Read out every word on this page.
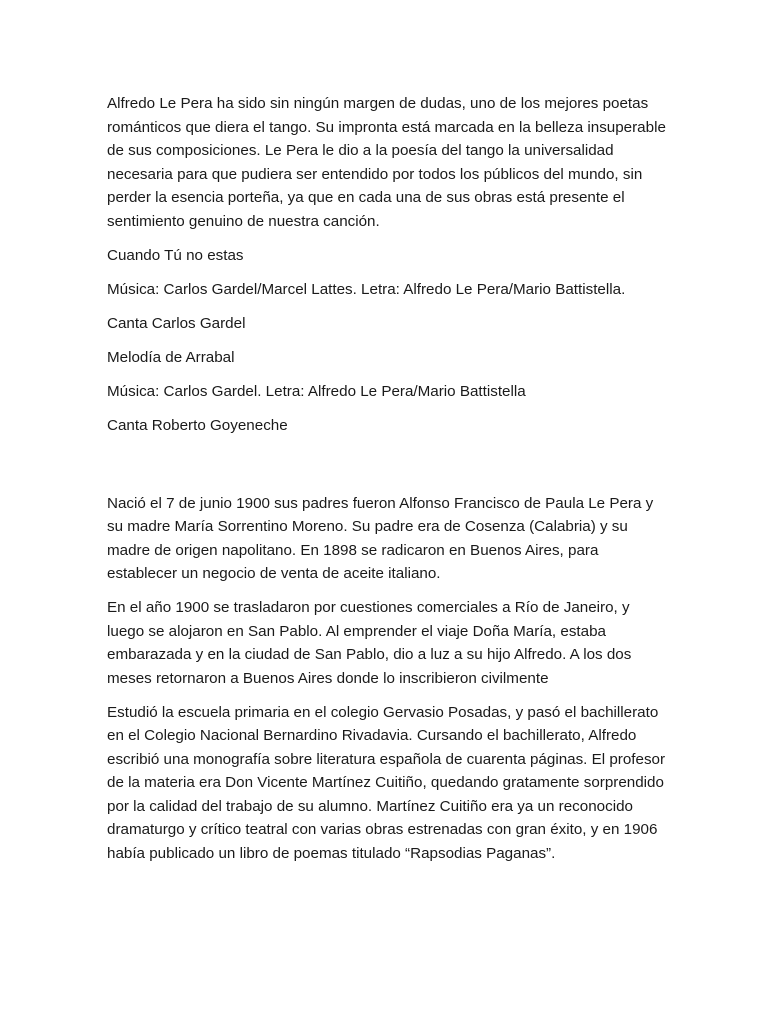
Alfredo Le Pera ha sido sin ningún margen de dudas, uno de los mejores poetas románticos que diera el tango. Su impronta está marcada en la belleza insuperable de sus composiciones. Le Pera le dio a la poesía del tango la universalidad necesaria para que pudiera ser entendido por todos los públicos del mundo, sin perder la esencia porteña, ya que en cada una de sus obras está presente el sentimiento genuino de nuestra canción.

Cuando Tú no estas

Música: Carlos Gardel/Marcel Lattes. Letra: Alfredo Le Pera/Mario Battistella.

Canta Carlos Gardel

Melodía de Arrabal

Música: Carlos Gardel. Letra: Alfredo Le Pera/Mario Battistella

Canta Roberto Goyeneche

Nació el 7 de junio 1900 sus padres fueron Alfonso Francisco de Paula Le Pera y su madre María Sorrentino Moreno. Su padre era de Cosenza (Calabria) y su madre de origen napolitano. En 1898 se radicaron en Buenos Aires, para establecer un negocio de venta de aceite italiano.

En el año 1900 se trasladaron por cuestiones comerciales a Río de Janeiro, y luego se alojaron en San Pablo. Al emprender el viaje Doña María, estaba embarazada y en la ciudad de San Pablo, dio a luz a su hijo Alfredo. A los dos meses retornaron a Buenos Aires donde lo inscribieron civilmente

Estudió la escuela primaria en el colegio Gervasio Posadas, y pasó el bachillerato en el Colegio Nacional Bernardino Rivadavia. Cursando el bachillerato, Alfredo escribió una monografía sobre literatura española de cuarenta páginas. El profesor de la materia era Don Vicente Martínez Cuitiño, quedando gratamente sorprendido por la calidad del trabajo de su alumno. Martínez Cuitiño era ya un reconocido dramaturgo y crítico teatral con varias obras estrenadas con gran éxito, y en 1906 había publicado un libro de poemas titulado “Rapsodias Paganas”.
